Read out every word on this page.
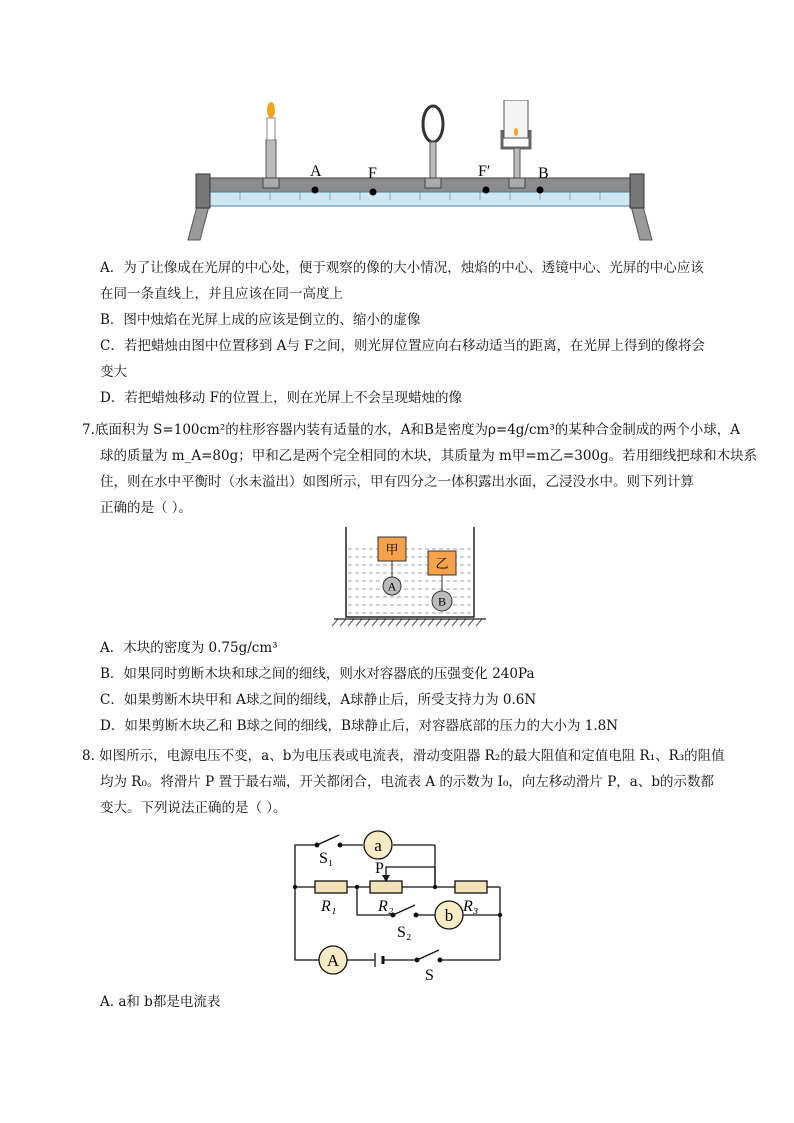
A	F	F′	B
A．为了让像成在光屏的中心处，便于观察的像的大小情况，烛焰的中心、透镜中心、光屏的中心应该
在同一条直线上，并且应该在同一高度上
B．图中烛焰在光屏上成的应该是倒立的、缩小的虚像
C．若把蜡烛由图中位置移到 A与 F之间，则光屏位置应向右移动适当的距离，在光屏上得到的像将会
变大
D．若把蜡烛移动 F的位置上，则在光屏上不会呈现蜡烛的像
7.底面积为 S=100cm²的柱形容器内装有适量的水，A和B是密度为ρ=4g/cm³的某种合金制成的两个小球，A
球的质量为 m_A=80g；甲和乙是两个完全相同的木块，其质量为 m甲=m乙=300g。若用细线把球和木块系
住，则在水中平衡时（水未溢出）如图所示，甲有四分之一体积露出水面，乙浸没水中。则下列计算
正确的是（ ）。
甲
A
乙
B
A．木块的密度为 0.75g/cm³
B．如果同时剪断木块和球之间的细线，则水对容器底的压强变化 240Pa
C．如果剪断木块甲和 A球之间的细线，A球静止后，所受支持力为 0.6N
D．如果剪断木块乙和 B球之间的细线，B球静止后，对容器底部的压力的大小为 1.8N
8. 如图所示，电源电压不变，a、b为电压表或电流表，滑动变阻器 R₂的最大阻值和定值电阻 R₁、R₃的阻值
均为 R₀。将滑片 P 置于最右端，开关都闭合，电流表 A 的示数为 I₀，向左移动滑片 P，a、b的示数都
变大。下列说法正确的是（ ）。
a
b
A
S₁
P
R₁	R₂	R₃
S₂
S
A. a和 b都是电流表
